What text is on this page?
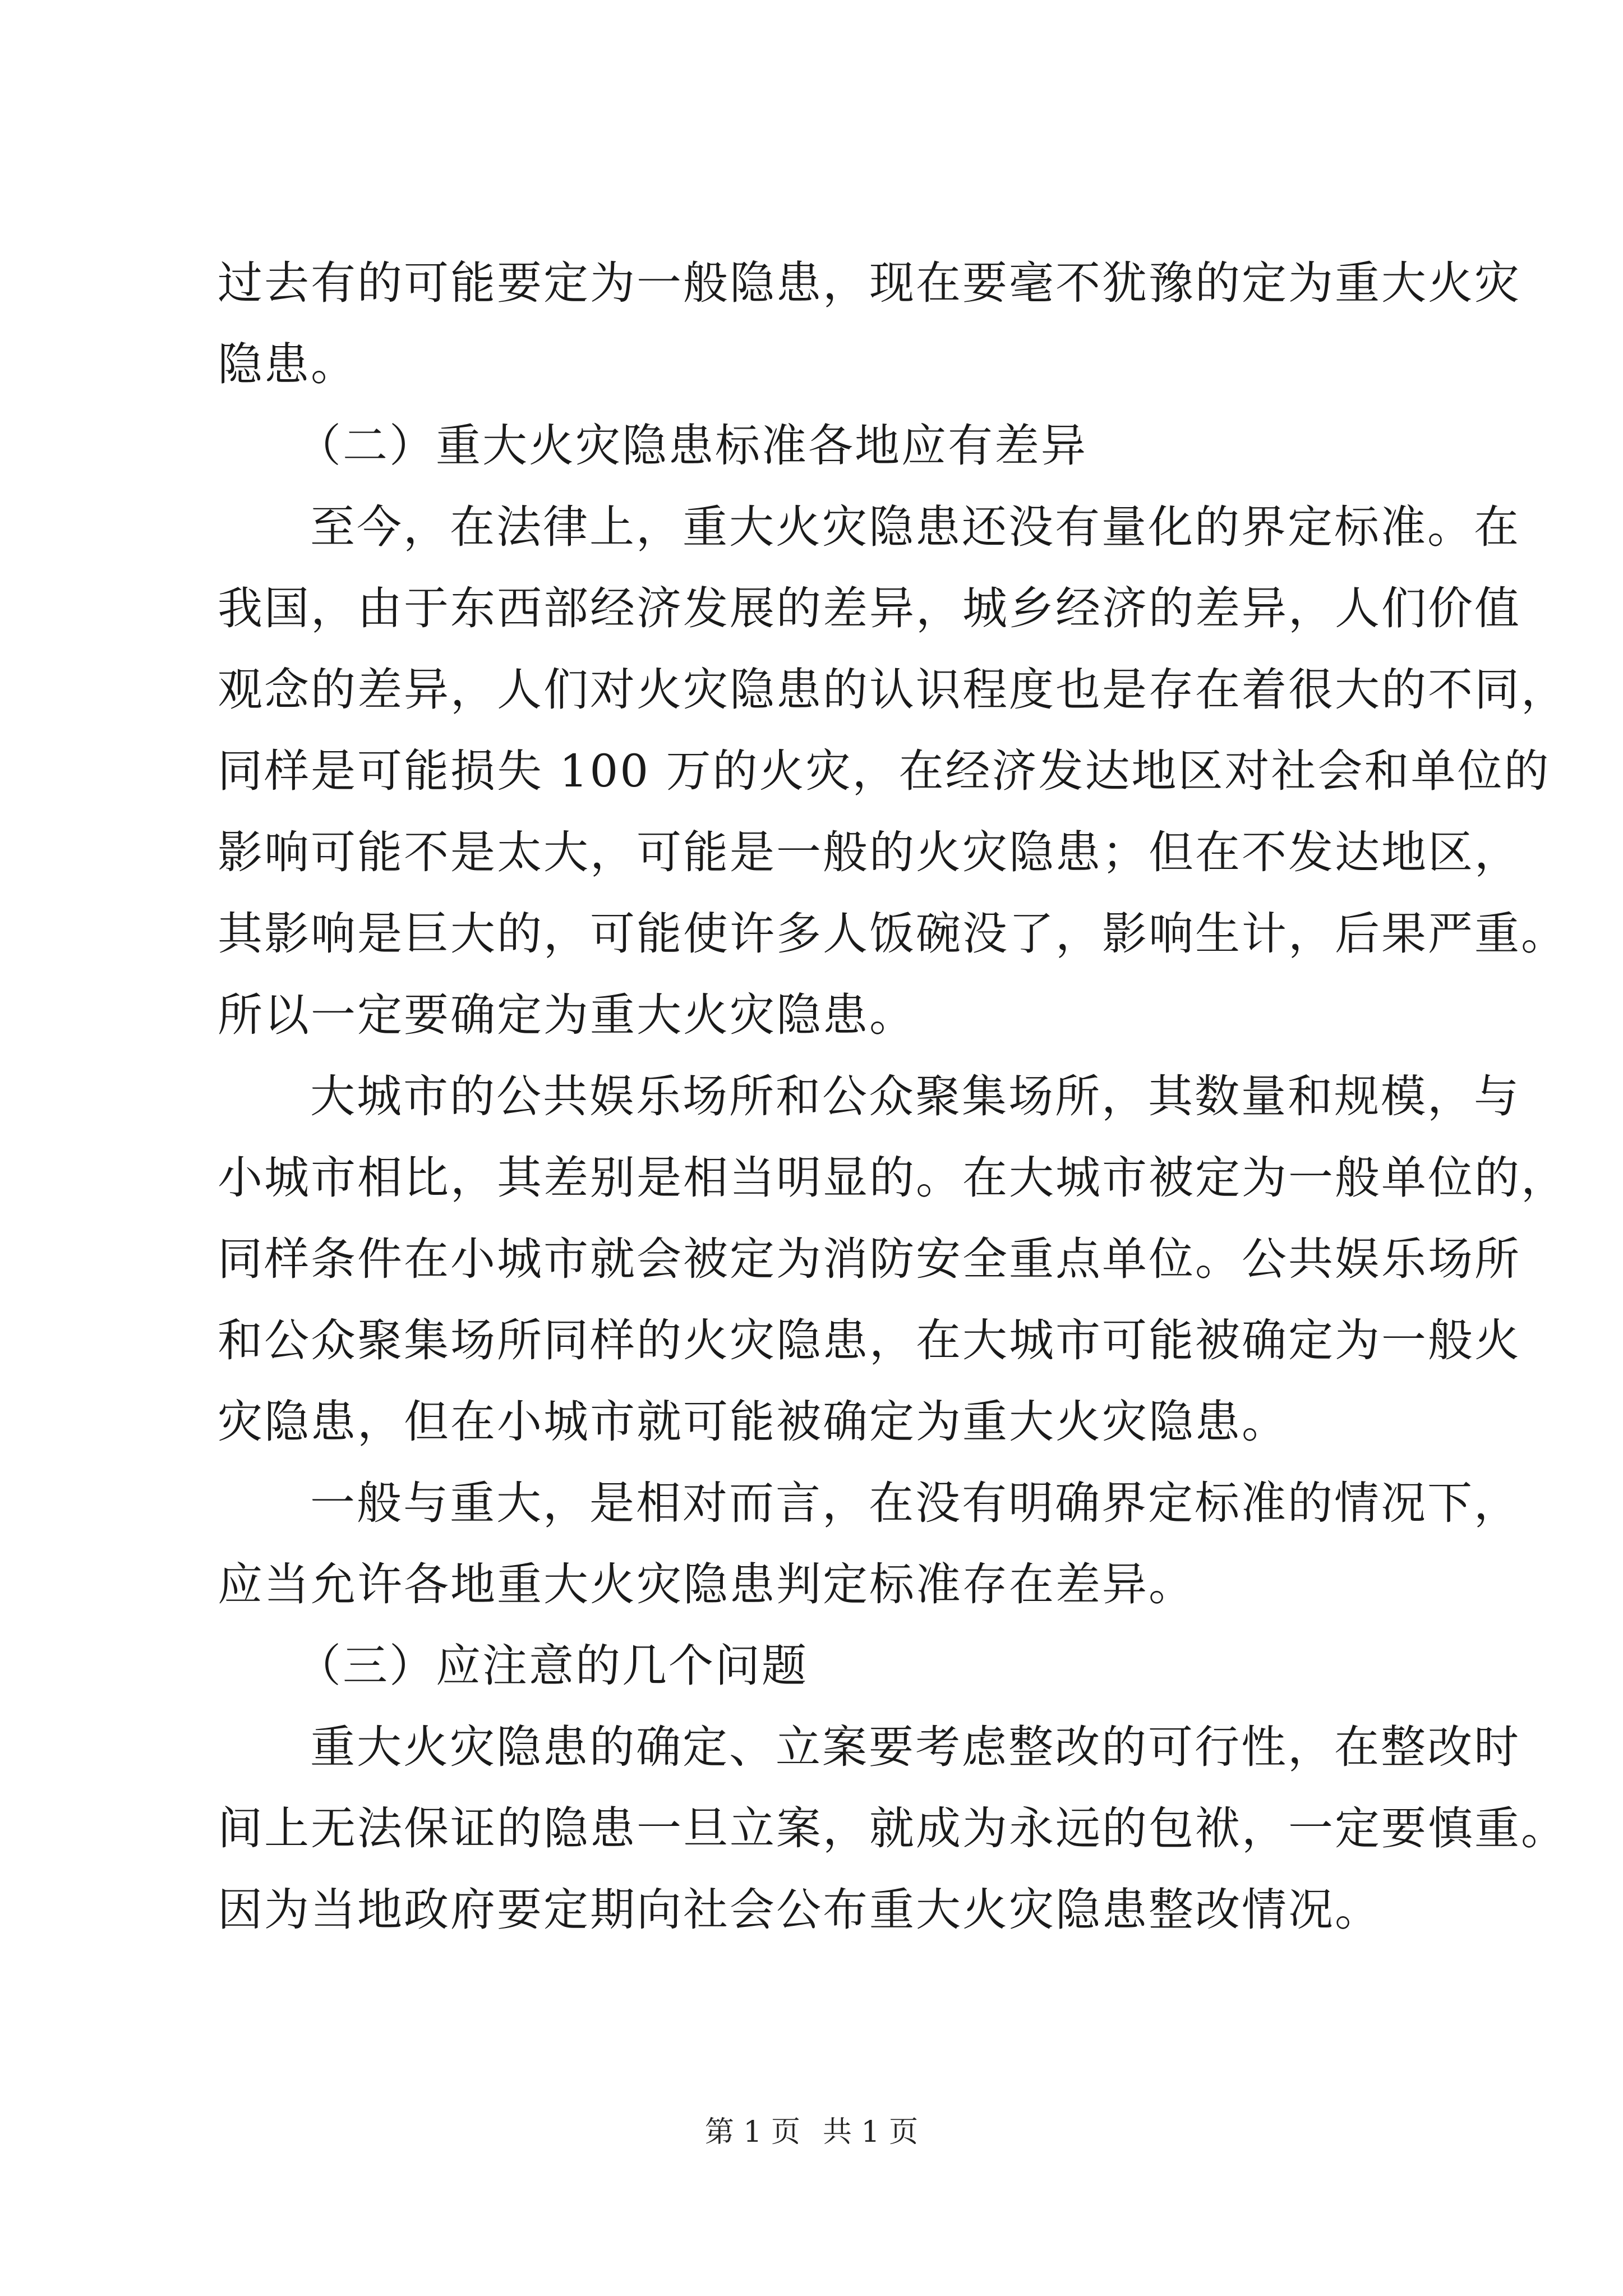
过去有的可能要定为一般隐患，现在要毫不犹豫的定为重大火灾
隐患。
（二）重大火灾隐患标准各地应有差异
至今，在法律上，重大火灾隐患还没有量化的界定标准。在
我国，由于东西部经济发展的差异，城乡经济的差异，人们价值
观念的差异，人们对火灾隐患的认识程度也是存在着很大的不同，
同样是可能损失 100 万的火灾，在经济发达地区对社会和单位的
影响可能不是太大，可能是一般的火灾隐患；但在不发达地区，
其影响是巨大的，可能使许多人饭碗没了，影响生计，后果严重。
所以一定要确定为重大火灾隐患。
大城市的公共娱乐场所和公众聚集场所，其数量和规模，与
小城市相比，其差别是相当明显的。在大城市被定为一般单位的，
同样条件在小城市就会被定为消防安全重点单位。公共娱乐场所
和公众聚集场所同样的火灾隐患，在大城市可能被确定为一般火
灾隐患，但在小城市就可能被确定为重大火灾隐患。
一般与重大，是相对而言，在没有明确界定标准的情况下，
应当允许各地重大火灾隐患判定标准存在差异。
（三）应注意的几个问题
重大火灾隐患的确定、立案要考虑整改的可行性，在整改时
间上无法保证的隐患一旦立案，就成为永远的包袱，一定要慎重。
因为当地政府要定期向社会公布重大火灾隐患整改情况。
第 1 页 共 1 页
